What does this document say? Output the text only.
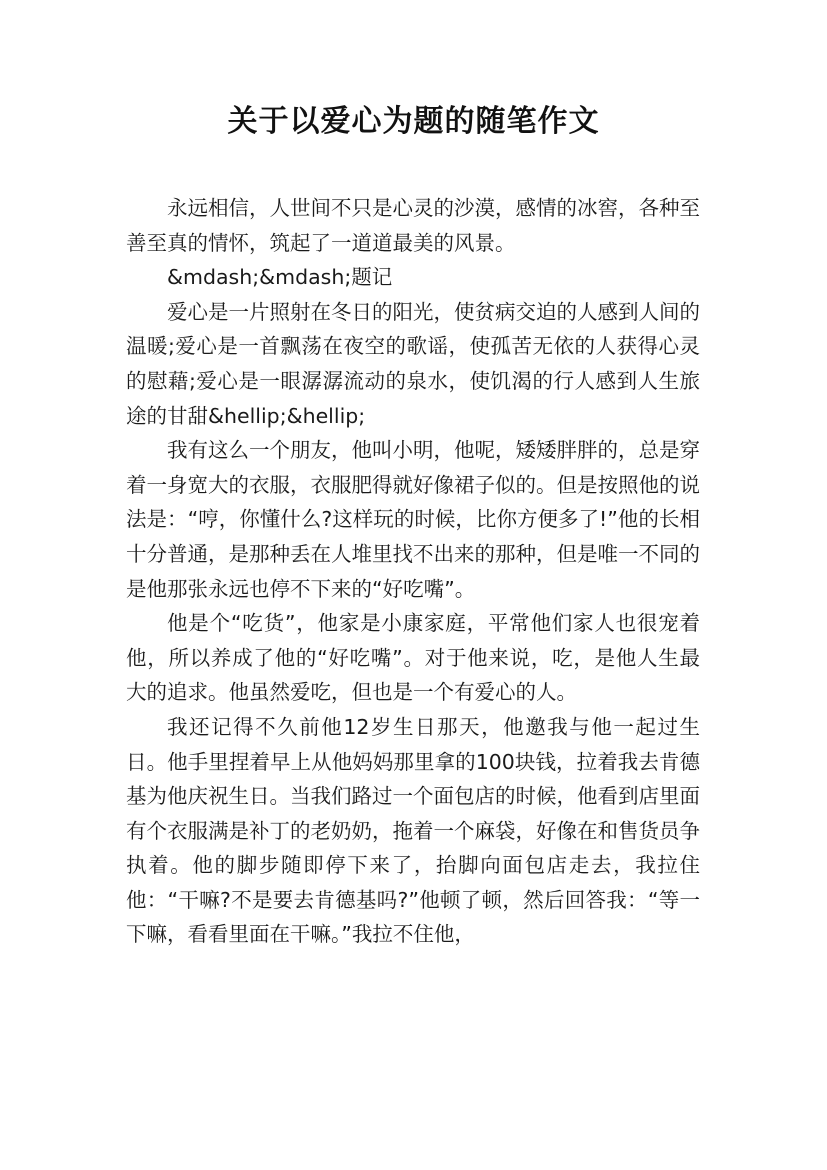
关于以爱心为题的随笔作文

永远相信，人世间不只是心灵的沙漠，感情的冰窖，各种至善至真的情怀，筑起了一道道最美的风景。

&mdash;&mdash;题记

爱心是一片照射在冬日的阳光，使贫病交迫的人感到人间的温暖;爱心是一首飘荡在夜空的歌谣，使孤苦无依的人获得心灵的慰藉;爱心是一眼潺潺流动的泉水，使饥渴的行人感到人生旅途的甘甜&hellip;&hellip;

我有这么一个朋友，他叫小明，他呢，矮矮胖胖的，总是穿着一身宽大的衣服，衣服肥得就好像裙子似的。但是按照他的说法是：“哼，你懂什么?这样玩的时候，比你方便多了!”他的长相十分普通，是那种丢在人堆里找不出来的那种，但是唯一不同的是他那张永远也停不下来的“好吃嘴”。

他是个“吃货”，他家是小康家庭，平常他们家人也很宠着他，所以养成了他的“好吃嘴”。对于他来说，吃，是他人生最大的追求。他虽然爱吃，但也是一个有爱心的人。

我还记得不久前他12岁生日那天，他邀我与他一起过生日。他手里捏着早上从他妈妈那里拿的100块钱，拉着我去肯德基为他庆祝生日。当我们路过一个面包店的时候，他看到店里面有个衣服满是补丁的老奶奶，拖着一个麻袋，好像在和售货员争执着。他的脚步随即停下来了，抬脚向面包店走去，我拉住他：“干嘛?不是要去肯德基吗?”他顿了顿，然后回答我：“等一下嘛，看看里面在干嘛。”我拉不住他，
